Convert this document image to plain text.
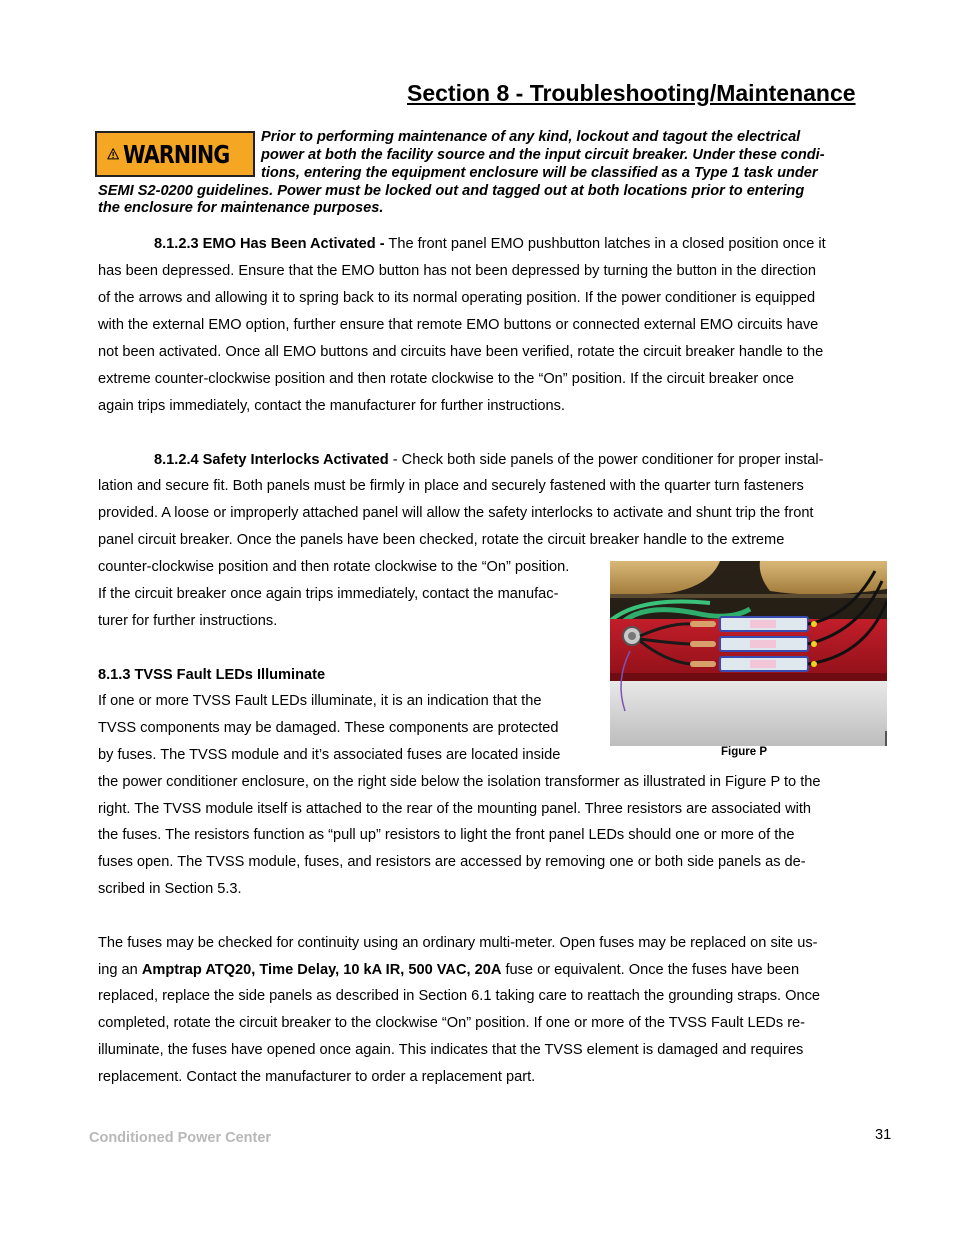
Section 8 - Troubleshooting/Maintenance
WARNING
Prior to performing maintenance of any kind, lockout and tagout the electrical
power at both the facility source and the input circuit breaker. Under these condi-
tions, entering the equipment enclosure will be classified as a Type 1 task under
SEMI S2-0200 guidelines. Power must be locked out and tagged out at both locations prior to entering
the enclosure for maintenance purposes.
8.1.2.3 EMO Has Been Activated - The front panel EMO pushbutton latches in a closed position once it
has been depressed. Ensure that the EMO button has not been depressed by turning the button in the direction
of the arrows and allowing it to spring back to its normal operating position. If the power conditioner is equipped
with the external EMO option, further ensure that remote EMO buttons or connected external EMO circuits have
not been activated. Once all EMO buttons and circuits have been verified, rotate the circuit breaker handle to the
extreme counter-clockwise position and then rotate clockwise to the “On” position. If the circuit breaker once
again trips immediately, contact the manufacturer for further instructions.
8.1.2.4 Safety Interlocks Activated - Check both side panels of the power conditioner for proper instal-
lation and secure fit. Both panels must be firmly in place and securely fastened with the quarter turn fasteners
provided. A loose or improperly attached panel will allow the safety interlocks to activate and shunt trip the front
panel circuit breaker. Once the panels have been checked, rotate the circuit breaker handle to the extreme
counter-clockwise position and then rotate clockwise to the “On” position.
If the circuit breaker once again trips immediately, contact the manufac-
turer for further instructions.
8.1.3 TVSS Fault LEDs Illuminate
If one or more TVSS Fault LEDs illuminate, it is an indication that the
TVSS components may be damaged. These components are protected
by fuses. The TVSS module and it’s associated fuses are located inside
the power conditioner enclosure, on the right side below the isolation transformer as illustrated in Figure P to the
right. The TVSS module itself is attached to the rear of the mounting panel. Three resistors are associated with
the fuses. The resistors function as “pull up” resistors to light the front panel LEDs should one or more of the
fuses open. The TVSS module, fuses, and resistors are accessed by removing one or both side panels as de-
scribed in Section 5.3.
The fuses may be checked for continuity using an ordinary multi-meter. Open fuses may be replaced on site us-
ing an Amptrap ATQ20, Time Delay, 10 kA IR, 500 VAC, 20A fuse or equivalent. Once the fuses have been
replaced, replace the side panels as described in Section 6.1 taking care to reattach the grounding straps. Once
completed, rotate the circuit breaker to the clockwise “On” position. If one or more of the TVSS Fault LEDs re-
illuminate, the fuses have opened once again. This indicates that the TVSS element is damaged and requires
replacement. Contact the manufacturer to order a replacement part.
Figure P
Conditioned Power Center	31
